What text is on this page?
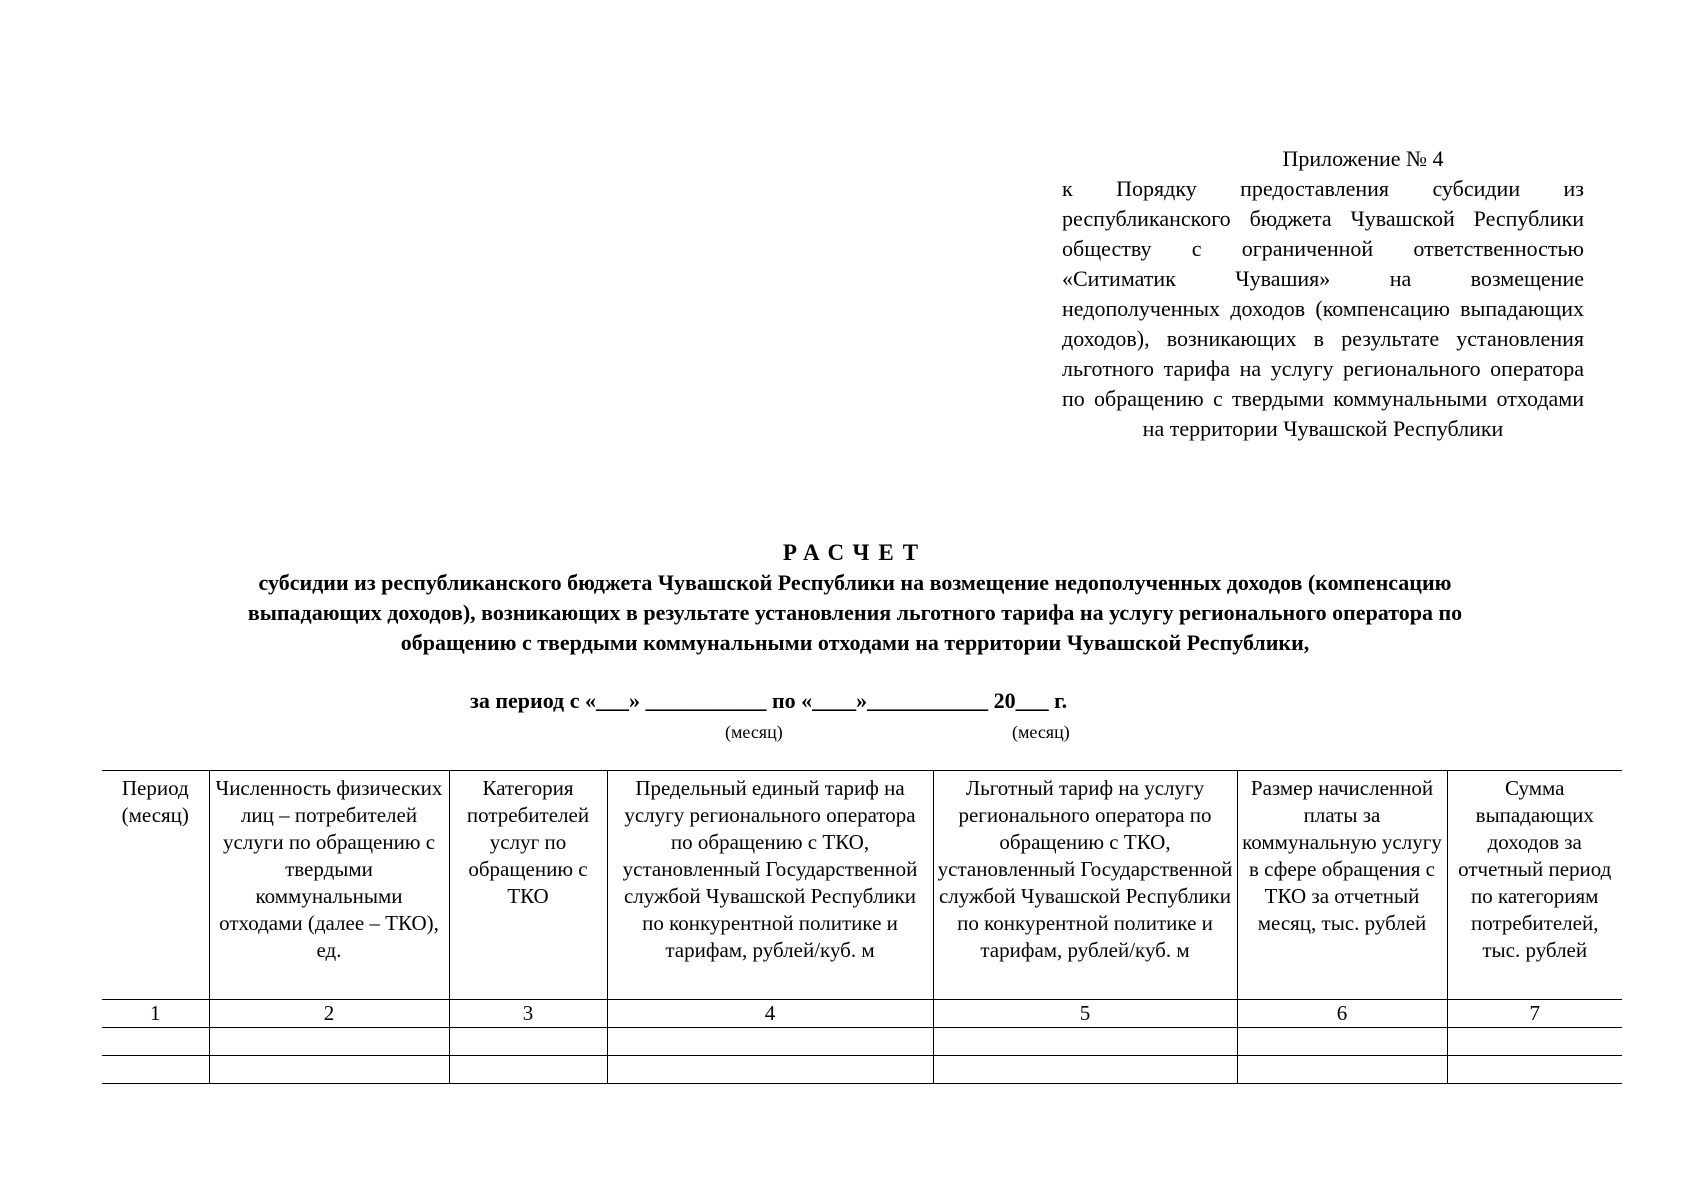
Приложение № 4
к Порядку предоставления субсидии из республиканского бюджета Чувашской Республики обществу с ограниченной ответственностью «Ситиматик Чувашия» на возмещение недополученных доходов (компенсацию выпадающих доходов), возникающих в результате установления льготного тарифа на услугу регионального оператора по обращению с твердыми коммунальными отходами на территории Чувашской Республики
РАСЧЕТ
субсидии из республиканского бюджета Чувашской Республики на возмещение недополученных доходов (компенсацию выпадающих доходов), возникающих в результате установления льготного тарифа на услугу регионального оператора по обращению с твердыми коммунальными отходами на территории Чувашской Республики,
за период с «___» ___________ по «____»___________ 20___ г.
(месяц)	(месяц)
Период (месяц)	Численность физических лиц – потребителей услуги по обращению с твердыми коммунальными отходами (далее – ТКО), ед.	Категория потребителей услуг по обращению с ТКО	Предельный единый тариф на услугу регионального оператора по обращению с ТКО, установленный Государственной службой Чувашской Республики по конкурентной политике и тарифам, рублей/куб. м	Льготный тариф на услугу регионального оператора по обращению с ТКО, установленный Государственной службой Чувашской Республики по конкурентной политике и тарифам, рублей/куб. м	Размер начисленной платы за коммунальную услугу в сфере обращения с ТКО за отчетный месяц, тыс. рублей	Сумма выпадающих доходов за отчетный период по категориям потребителей, тыс. рублей
1	2	3	4	5	6	7
